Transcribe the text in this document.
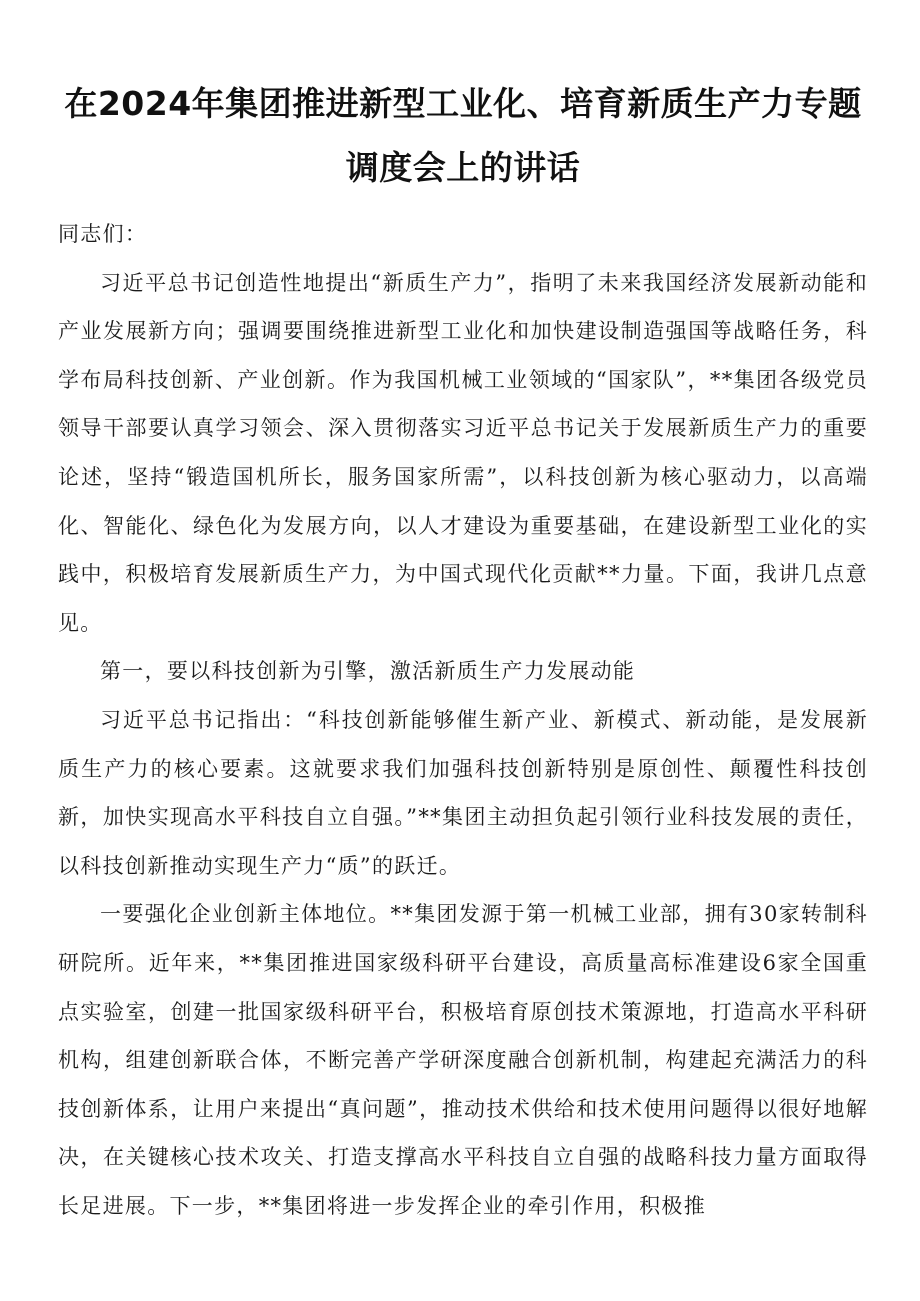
在2024年集团推进新型工业化、培育新质生产力专题
调度会上的讲话

同志们：

习近平总书记创造性地提出“新质生产力”，指明了未来我国经济发展新动能和产业发展新方向；强调要围绕推进新型工业化和加快建设制造强国等战略任务，科学布局科技创新、产业创新。作为我国机械工业领域的“国家队”，**集团各级党员领导干部要认真学习领会、深入贯彻落实习近平总书记关于发展新质生产力的重要论述，坚持“锻造国机所长，服务国家所需”，以科技创新为核心驱动力，以高端化、智能化、绿色化为发展方向，以人才建设为重要基础，在建设新型工业化的实践中，积极培育发展新质生产力，为中国式现代化贡献**力量。下面，我讲几点意见。

第一，要以科技创新为引擎，激活新质生产力发展动能

习近平总书记指出：“科技创新能够催生新产业、新模式、新动能，是发展新质生产力的核心要素。这就要求我们加强科技创新特别是原创性、颠覆性科技创新，加快实现高水平科技自立自强。”**集团主动担负起引领行业科技发展的责任，以科技创新推动实现生产力“质”的跃迁。

一要强化企业创新主体地位。**集团发源于第一机械工业部，拥有30家转制科研院所。近年来，**集团推进国家级科研平台建设，高质量高标准建设6家全国重点实验室，创建一批国家级科研平台，积极培育原创技术策源地，打造高水平科研机构，组建创新联合体，不断完善产学研深度融合创新机制，构建起充满活力的科技创新体系，让用户来提出“真问题”，推动技术供给和技术使用问题得以很好地解决，在关键核心技术攻关、打造支撑高水平科技自立自强的战略科技力量方面取得长足进展。下一步，**集团将进一步发挥企业的牵引作用，积极推
